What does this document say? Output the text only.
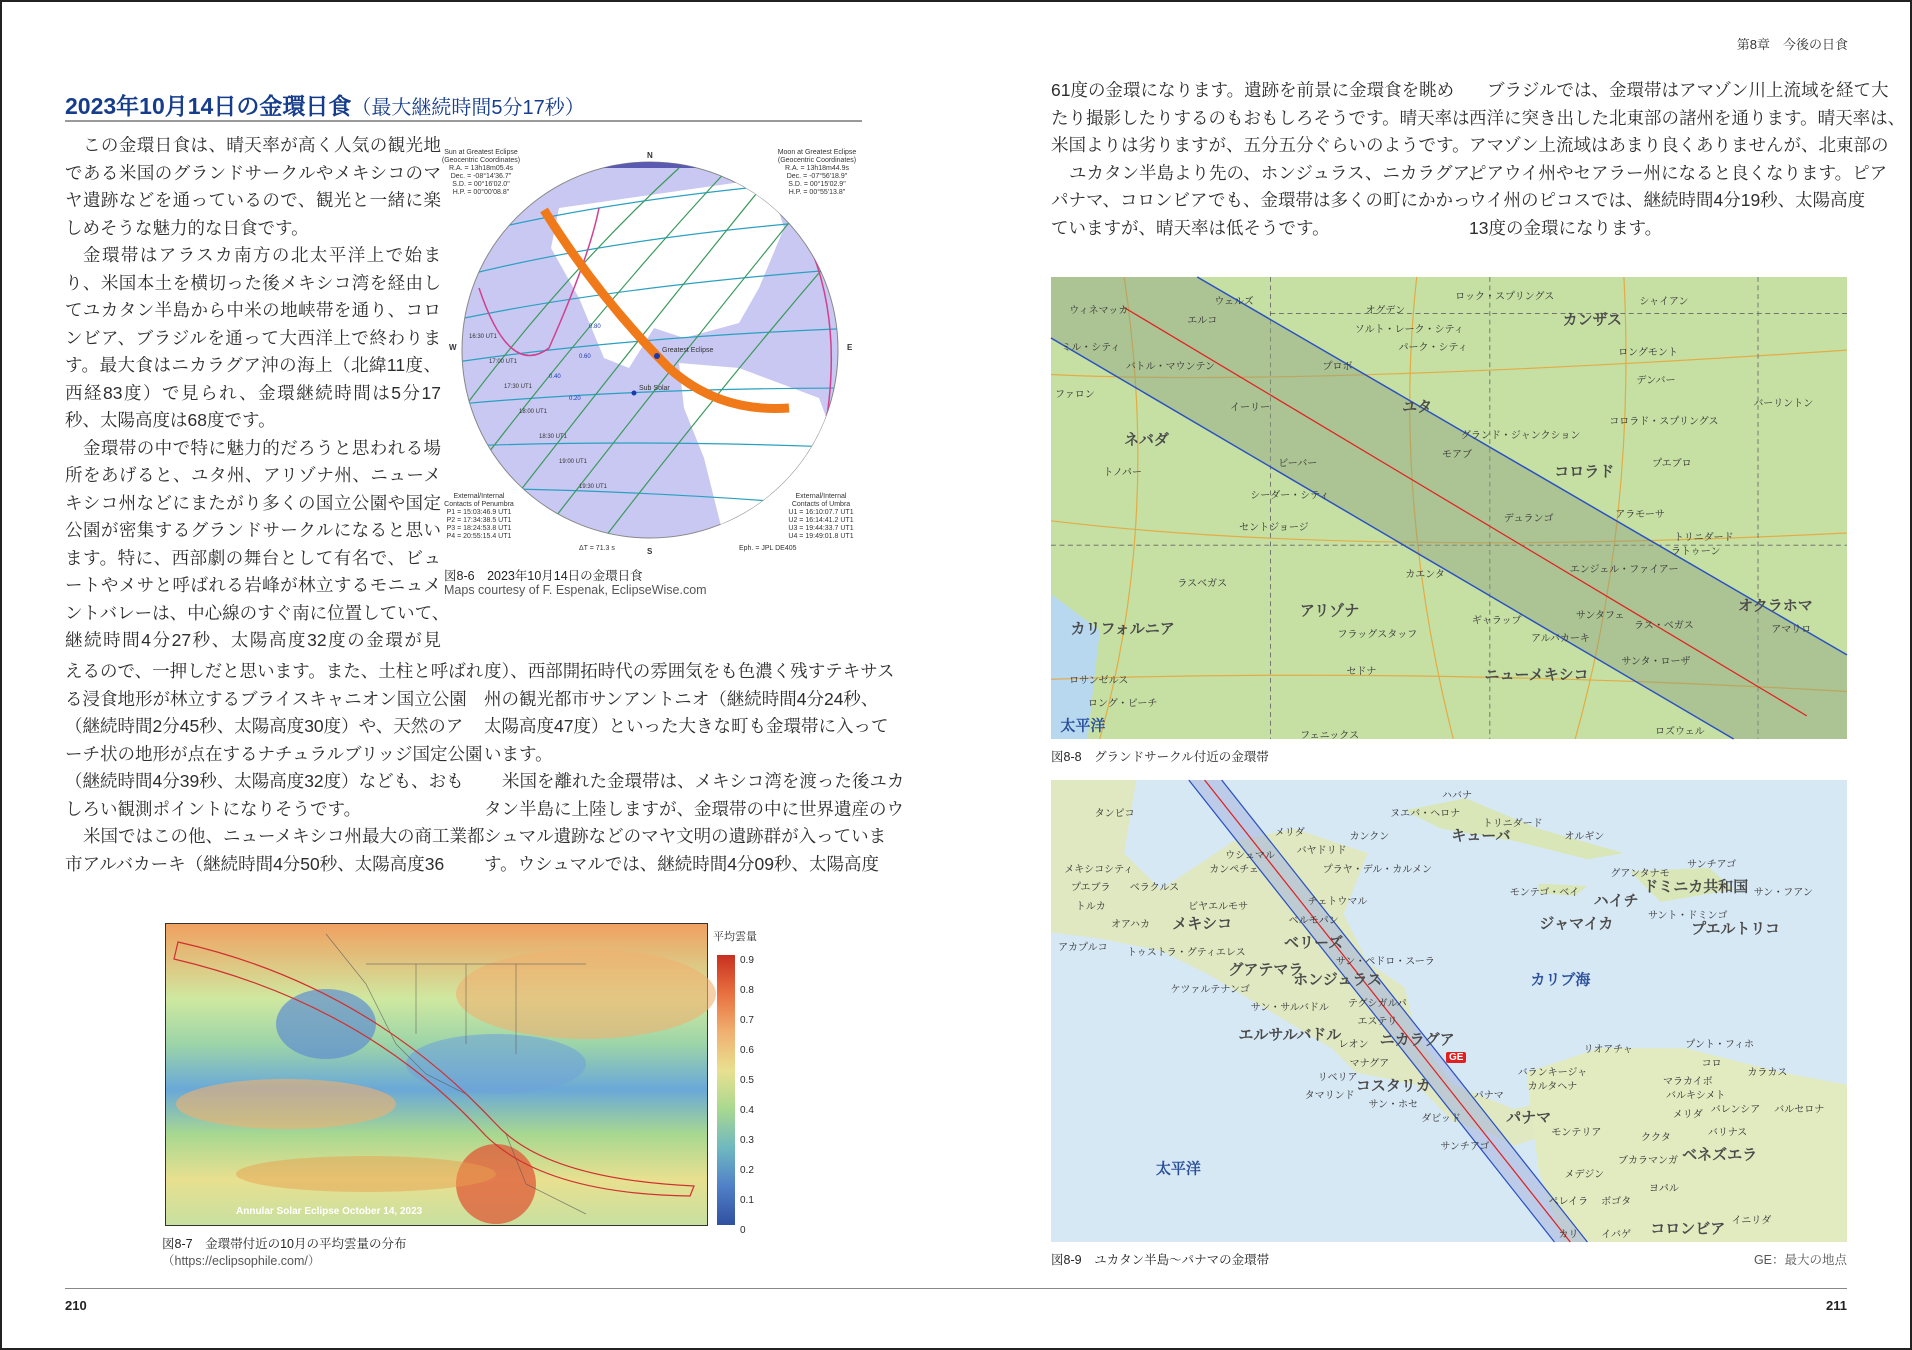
第8章　今後の日食
2023年10月14日の金環日食（最大継続時間5分17秒）
この金環日食は、晴天率が高く人気の観光地
である米国のグランドサークルやメキシコのマ
ヤ遺跡などを通っているので、観光と一緒に楽
しめそうな魅力的な日食です。
金環帯はアラスカ南方の北太平洋上で始ま
り、米国本土を横切った後メキシコ湾を経由し
てユカタン半島から中米の地峡帯を通り、コロ
ンビア、ブラジルを通って大西洋上で終わりま
す。最大食はニカラグア沖の海上（北緯11度、
西経83度）で見られ、金環継続時間は5分17
秒、太陽高度は68度です。
金環帯の中で特に魅力的だろうと思われる場
所をあげると、ユタ州、アリゾナ州、ニューメ
キシコ州などにまたがり多くの国立公園や国定
公園が密集するグランドサークルになると思い
ます。特に、西部劇の舞台として有名で、ビュ
ートやメサと呼ばれる岩峰が林立するモニュメ
ントバレーは、中心線のすぐ南に位置していて、
継続時間4分27秒、太陽高度32度の金環が見
えるので、一押しだと思います。また、土柱と呼ばれ
る浸食地形が林立するブライスキャニオン国立公園
（継続時間2分45秒、太陽高度30度）や、天然のア
ーチ状の地形が点在するナチュラルブリッジ国定公園
（継続時間4分39秒、太陽高度32度）なども、おも
しろい観測ポイントになりそうです。
米国ではこの他、ニューメキシコ州最大の商工業都
市アルバカーキ（継続時間4分50秒、太陽高度36
度）、西部開拓時代の雰囲気をも色濃く残すテキサス
州の観光都市サンアントニオ（継続時間4分24秒、
太陽高度47度）といった大きな町も金環帯に入って
います。
米国を離れた金環帯は、メキシコ湾を渡った後ユカ
タン半島に上陸しますが、金環帯の中に世界遺産のウ
シュマル遺跡などのマヤ文明の遺跡群が入っていま
す。ウシュマルでは、継続時間4分09秒、太陽高度
61度の金環になります。遺跡を前景に金環食を眺め
たり撮影したりするのもおもしろそうです。晴天率は
米国よりは劣りますが、五分五分ぐらいのようです。
ユカタン半島より先の、ホンジュラス、ニカラグア、
パナマ、コロンビアでも、金環帯は多くの町にかかっ
ていますが、晴天率は低そうです。
ブラジルでは、金環帯はアマゾン川上流域を経て大
西洋に突き出した北東部の諸州を通ります。晴天率は、
アマゾン上流域はあまり良くありませんが、北東部の
ピアウイ州やセアラー州になると良くなります。ピア
ウイ州のピコスでは、継続時間4分19秒、太陽高度
13度の金環になります。
Greatest Eclipse
Sub Solar
N
S
W	E
Sun at Greatest Eclipse
(Geocentric Coordinates)
R.A. = 13h18m05.4s
Dec. = -08°14'36.7"
S.D. = 00°16'02.0"
H.P. = 00°00'08.8"
Moon at Greatest Eclipse
(Geocentric Coordinates)
R.A. = 13h18m44.9s
Dec. = -07°56'18.9"
S.D. = 00°15'02.9"
H.P. = 00°55'13.8"
External/Internal
Contacts of Penumbra
P1 = 15:03:46.9 UT1
P2 = 17:34:38.5 UT1
P3 = 18:24:53.8 UT1
P4 = 20:55:15.4 UT1
External/Internal
Contacts of Umbra
U1 = 16:10:07.7 UT1
U2 = 16:14:41.2 UT1
U3 = 19:44:33.7 UT1
U4 = 19:49:01.8 UT1
ΔT = 71.3 s	Eph. = JPL DE405
16:30 UT1
17:00 UT1
17:30 UT1
18:00 UT1
18:30 UT1
19:00 UT1
19:30 UT1
0.20
0.40
0.60
0.80
図8-6　2023年10月14日の金環日食
Maps courtesy of F. Espenak, EclipseWise.com
Annular Solar Eclipse October 14, 2023
平均雲量
0.9
0.8
0.7
0.6
0.5
0.4
0.3
0.2
0.1
0
図8-7　金環帯付近の10月の平均雲量の分布
（https://eclipsophile.com/）
ウィネマッカ
エルコ
ウェルズ
オグデン
ロック・スプリングス
カンザス
シャイアン
ソルト・レーク・シティ
パーク・シティ
ミル・シティ
バトル・マウンテン	プロボ
ロングモント
デンバー
ファロン
イーリー	ユタ	バーリントン
コロラド・スプリングス
グランド・ジャンクション
ネバダ
モアブ
コロラド	プエブロ
トノパー
ビーバー
シーダー・シティ
アラモーサ
セントジョージ
デュランゴ
トリニダード
ラトゥーン
エンジェル・ファイアー
ラスベガス
カエンタ
アリゾナ	サンタフェ
ラス・ベガス
オクラホマ
ギャラップ
カリフォルニア	フラッグスタッフ	アルバカーキ
アマリロ
セドナ	ニューメキシコ
サンタ・ローザ
ロサンゼルス
ロング・ビーチ
太平洋
フェニックス	ロズウェル
図8-8　グランドサークル付近の金環帯
GE
タンピコ
ハバナ
ヌエバ・ヘロナ
トリニダード
キューバ
メリダ
バヤドリド
カンクン	オルギン
ウシュマル
プラヤ・デル・カルメン	サンチアゴ
メキシコシティ	カンペチェ	グアンタナモ
プエブラ ベラクルス	ドミニカ共和国
トルカ	チェトウマル	ハイチ
モンテゴ・ベイ	サン・フアン
ビヤエルモサ
サント・ドミンゴ
ベルモパン
オアハカ メキシコ	ジャマイカ	プエルトリコ
ベリーズ
アカプルコ
サン・ペドロ・スーラ
トゥストラ・グティエレス
グアテマラ
ホンジュラス
テグシガルパ
カリブ海
ケツァルテナンゴ
サン・サルバドル
エステリ
エルサルバドル	ニカラグア
レオン
マナグア
リオアチャ	プント・フィホ
コロ
カラカス
リベリア
コスタリカ
バランキージャ
カルタヘナ	マラカイボ
バルキシメト
タマリンド
サン・ホセ	バレンシア バルセロナ
パナマ
ダビッド	パナマ	メリダ
バリナス
サンチアゴ
モンテリア	ククタ
ベネズエラ
太平洋	メデジン
ブカラマンガ
ヨパル
ペレイラ ボゴタ
コロンビア イニリダ
カリ イバゲ
図8-9　ユカタン半島〜パナマの金環帯	GE：最大の地点
210	211
